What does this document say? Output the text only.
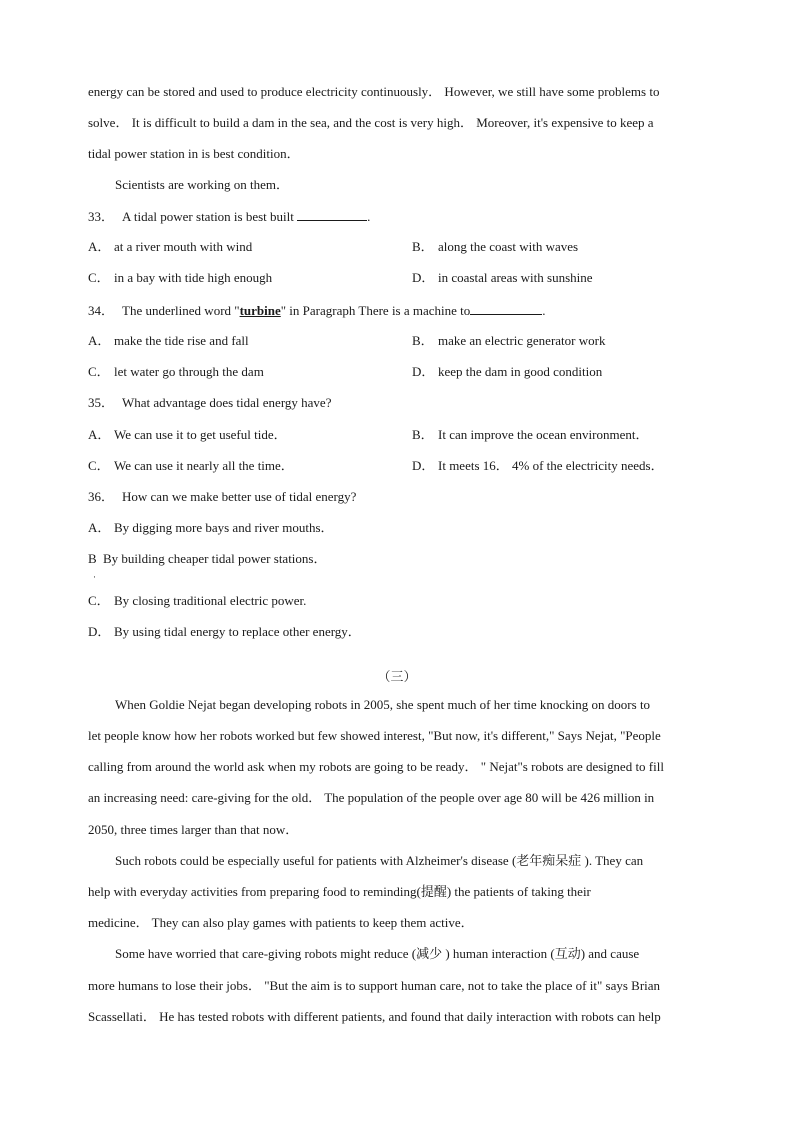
energy can be stored and used to produce electricity continuously． However, we still have some problems to
solve． It is difficult to build a dam in the sea, and the cost is very high． Moreover, it's expensive to keep a
tidal power station in is best condition．
Scientists are working on them．
33． A tidal power station is best built	.
A． at a river mouth with wind	B． along the coast with waves
C． in a bay with tide high enough	D． in coastal areas with sunshine
34． The underlined word "turbine" in Paragraph There is a machine to	.
A． make the tide rise and fall	B． make an electric generator work
C． let water go through the dam	D． keep the dam in good condition
35． What advantage does tidal energy have?
A． We can use it to get useful tide．	B． It can improve the ocean environment．
C． We can use it nearly all the time．	D． It meets 16． 4% of the electricity needs．
36． How can we make better use of tidal energy?
A． By digging more bays and river mouths．
B By building cheaper tidal power stations．
·
C． By closing traditional electric power.
D． By using tidal energy to replace other energy．
（三）
When Goldie Nejat began developing robots in 2005, she spent much of her time knocking on doors to
let people know how her robots worked but few showed interest, "But now, it's different," Says Nejat, "People
calling from around the world ask when my robots are going to be ready． " Nejat"s robots are designed to fill
an increasing need: care-giving for the old． The population of the people over age 80 will be 426 million in
2050, three times larger than that now．
Such robots could be especially useful for patients with Alzheimer's disease (老年痴呆症 ). They can
help with everyday activities from preparing food to reminding(提醒) the patients of taking their
medicine． They can also play games with patients to keep them active．
Some have worried that care-giving robots might reduce (减少 ) human interaction (互动) and cause
more humans to lose their jobs． "But the aim is to support human care, not to take the place of it" says Brian
Scassellati． He has tested robots with different patients, and found that daily interaction with robots can help
